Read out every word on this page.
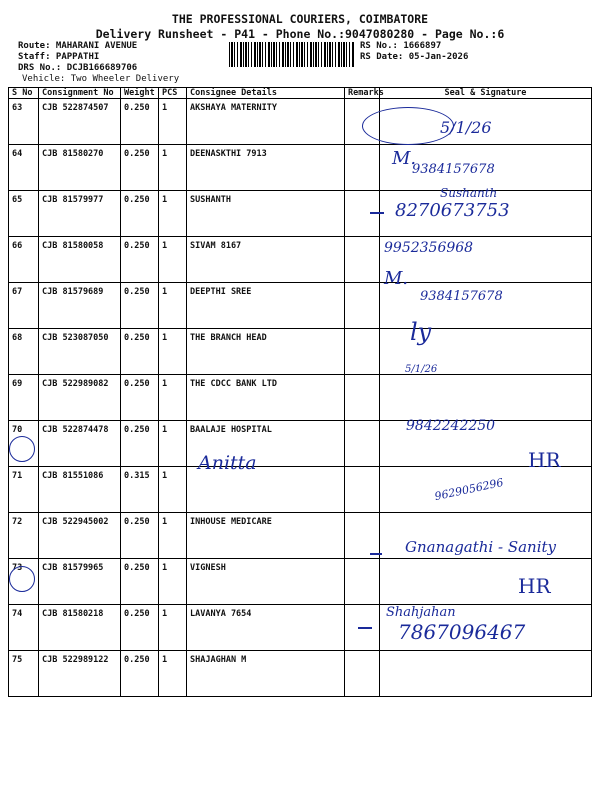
THE PROFESSIONAL COURIERS, COIMBATORE
Delivery Runsheet - P41 - Phone No.:9047080280 - Page No.:6
Route: MAHARANI AVENUE
Staff: PAPPATHI
DRS No.: DCJB166689706
Vehicle: Two Wheeler Delivery
RS No.: 1666897
RS Date: 05-Jan-2026
S No	Consignment No	Weight	PCS	Consignee Details	Remarks	Seal & Signature
63	CJB 522874507	0.250	1	AKSHAYA MATERNITY		
64	CJB 81580270	0.250	1	DEENASKTHI 7913		
65	CJB 81579977	0.250	1	SUSHANTH		
66	CJB 81580058	0.250	1	SIVAM 8167		
67	CJB 81579689	0.250	1	DEEPTHI SREE		
68	CJB 523087050	0.250	1	THE BRANCH HEAD		
69	CJB 522989082	0.250	1	THE CDCC BANK LTD		
70	CJB 522874478	0.250	1	BAALAJE HOSPITAL		
71	CJB 81551086	0.315	1			
72	CJB 522945002	0.250	1	INHOUSE MEDICARE		
73	CJB 81579965	0.250	1	VIGNESH		
74	CJB 81580218	0.250	1	LAVANYA 7654		
75	CJB 522989122	0.250	1	SHAJAGHAN M		
5/1/26
M.
9384157678
Sushanth
8270673753
9952356968
M.
9384157678
ly
5/1/26
9842242250
Anitta	HR
9629056296
Gnanagathi - Sanity
HR
Shahjahan
7867096467
